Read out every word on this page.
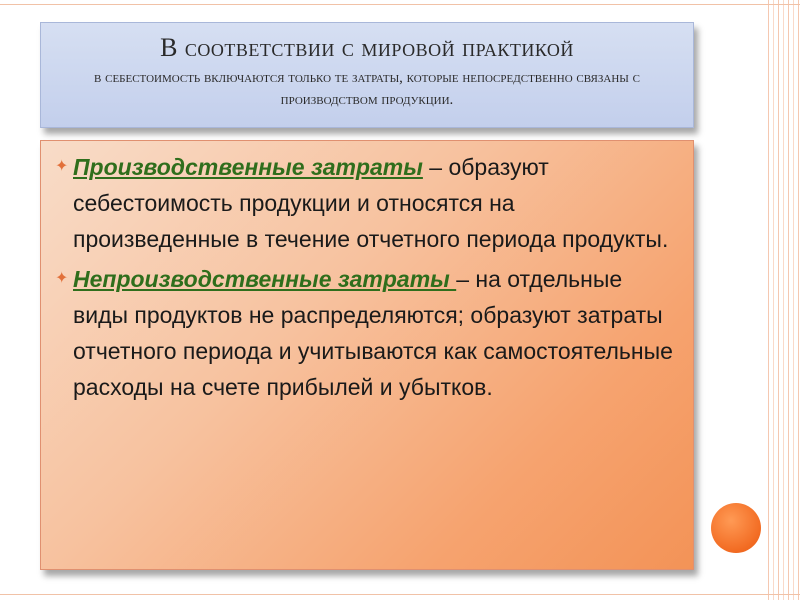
В соответствии с мировой практикой
в себестоимость включаются только те затраты, которые непосредственно связаны с производством продукции.
✦ Производственные затраты – образуют себестоимость продукции и относятся на произведенные в течение отчетного периода продукты.
✦ Непроизводственные затраты – на отдельные виды продуктов не распределяются; образуют затраты отчетного периода и учитываются как самостоятельные расходы на счете прибылей и убытков.
